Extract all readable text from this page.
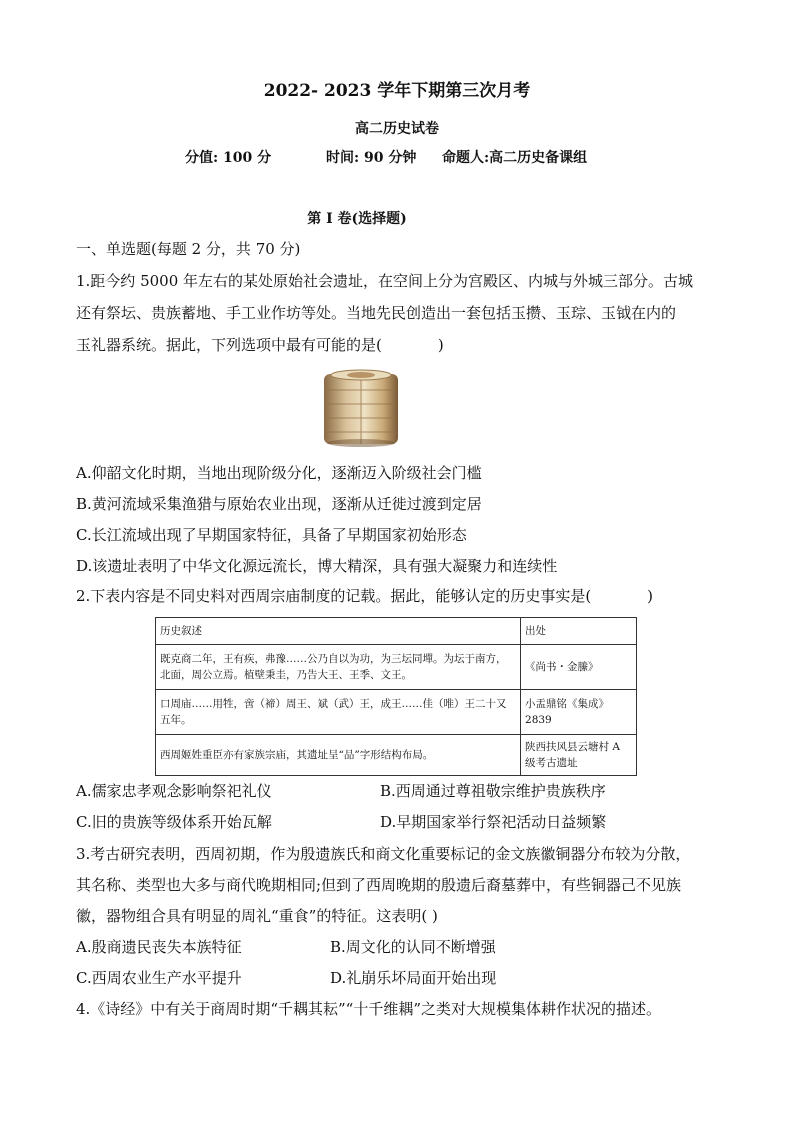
2022- 2023 学年下期第三次月考
高二历史试卷
分值: 100 分	时间: 90 分钟 命题人:高二历史备课组
第 I 卷(选择题)
一、单选题(每题 2 分，共 70 分)
1.距今约 5000 年左右的某处原始社会遗址，在空间上分为宫殿区、内城与外城三部分。古城
还有祭坛、贵族蓄地、手工业作坊等处。当地先民创造出一套包括玉攒、玉琮、玉钺在内的
玉礼器系统。据此，下列选项中最有可能的是(	)
A.仰韶文化时期，当地出现阶级分化，逐渐迈入阶级社会门槛
B.黄河流域采集渔猎与原始农业出现，逐渐从迁徙过渡到定居
C.长江流域出现了早期国家特征，具备了早期国家初始形态
D.该遗址表明了中华文化源远流长，博大精深，具有强大凝聚力和连续性
2.下表内容是不同史料对西周宗庙制度的记载。据此，能够认定的历史事实是(	)
历史叙述	出处
既克商二年，王有疾，弗豫……公乃自以为功，为三坛同墠。为坛于南方，北面，周公立焉。植壁秉圭，乃告大王、王季、文王。	《尚书・金縢》
口周庙……用牲，啻（褅）周王、斌（武）王，成王……佳（唯）王二十又五年。	小盂鼎铭《集成》2839
西周姬姓重臣亦有家族宗庙，其遗址呈“品”字形结构布局。	陕西扶风县云塘村 A 级考古遗址
A.儒家忠孝观念影响祭祀礼仪	B.西周通过尊祖敬宗维护贵族秩序
C.旧的贵族等级体系开始瓦解	D.早期国家举行祭祀活动日益频繁
3.考古研究表明，西周初期，作为殷遗族氏和商文化重要标记的金文族徽铜器分布较为分散，
其名称、类型也大多与商代晚期相同;但到了西周晚期的殷遗后裔墓葬中，有些铜器己不见族
徽，器物组合具有明显的周礼“重食”的特征。这表明( )
A.殷商遗民丧失本族特征	B.周文化的认同不断增强
C.西周农业生产水平提升	D.礼崩乐坏局面开始出现
4.《诗经》中有关于商周时期“千耦其耘”“十千维耦”之类对大规模集体耕作状况的描述。
